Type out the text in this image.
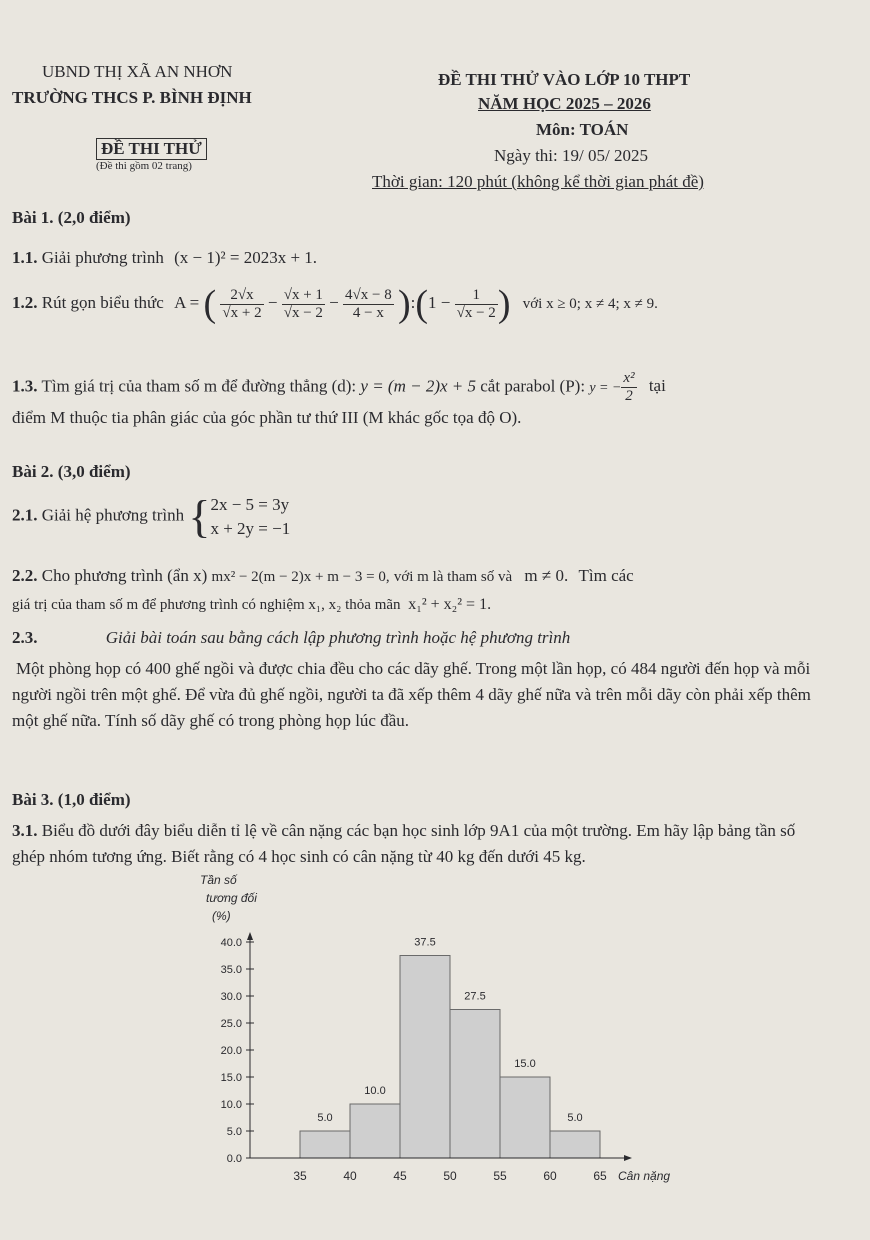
UBND THỊ XÃ AN NHƠN
TRƯỜNG THCS P. BÌNH ĐỊNH
ĐỀ THI THỬ
(Đề thi gồm 02 trang)
ĐỀ THI THỬ VÀO LỚP 10 THPT
NĂM HỌC 2025 – 2026
Môn: TOÁN
Ngày thi: 19/ 05/ 2025
Thời gian: 120 phút (không kể thời gian phát đề)
Bài 1. (2,0 điểm)
1.1. Giải phương trình (x − 1)² = 2023x + 1.
1.2. Rút gọn biểu thức A = ( $\frac{2√x}{√x + 2} - \frac{√x + 1}{√x - 2} - \frac{4√x - 8}{4 - x}$ ):(1 − $\frac{1}{√x - 2}$ ) với x ≥ 0; x ≠ 4; x ≠ 9.
1.3. Tìm giá trị của tham số m để đường thẳng (d): y = (m − 2)x + 5 cắt parabol (P): y = − $\frac{\text{x²}}{2}$ tại
điểm M thuộc tia phân giác của góc phần tư thứ III (M khác gốc tọa độ O).
Bài 2. (3,0 điểm)
2.1. Giải hệ phương trình { 2x − 5 = 3y
x + 2y = −1
2.2. Cho phương trình (ẩn x) mx² − 2(m − 2)x + m − 3 = 0, với m là tham số và m ≠ 0. Tìm các
giá trị của tham số m để phương trình có nghiệm x₁, x₂ thỏa mãn x₁² + x₂² = 1.
2.3.	Giải bài toán sau bằng cách lập phương trình hoặc hệ phương trình
Một phòng họp có 400 ghế ngồi và được chia đều cho các dãy ghế. Trong một lần họp, có 484 người đến họp và mỗi người ngồi trên một ghế. Để vừa đủ ghế ngồi, người ta đã xếp thêm 4 dãy ghế nữa và trên mỗi dãy còn phải xếp thêm một ghế nữa. Tính số dãy ghế có trong phòng họp lúc đầu.
Bài 3. (1,0 điểm)
3.1. Biểu đồ dưới đây biểu diễn tỉ lệ về cân nặng các bạn học sinh lớp 9A1 của một trường. Em hãy lập bảng tần số ghép nhóm tương ứng. Biết rằng có 4 học sinh có cân nặng từ 40 kg đến dưới 45 kg.
Tần số
tương đối
(%)
0.0
5.0
10.0
15.0
20.0
25.0
30.0
35.0
40.0
35	40	45	50	55	60	65 Cân nặng
5.0
10.0
37.5
27.5
15.0
5.0
